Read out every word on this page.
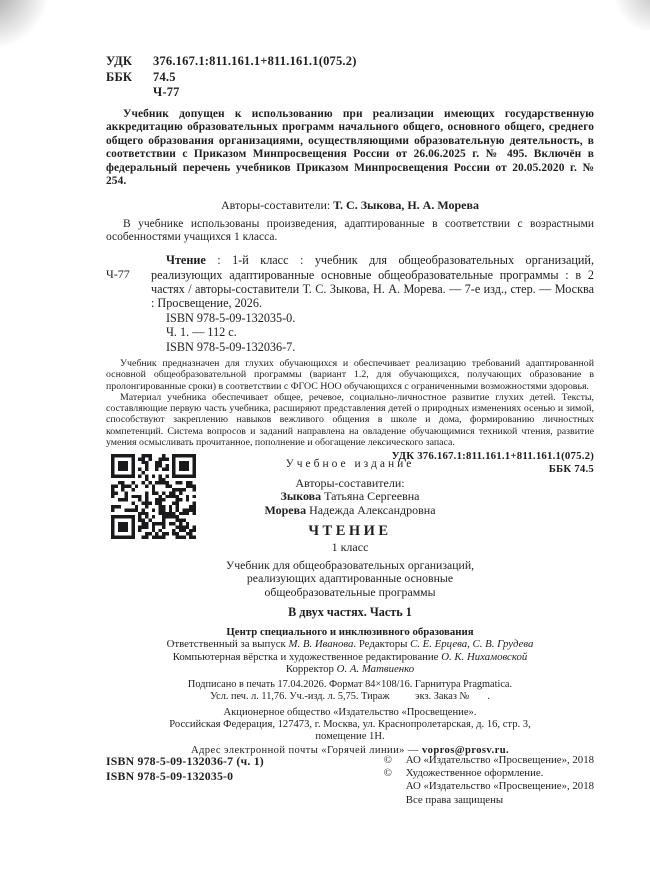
УДК 376.167.1:811.161.1+811.161.1(075.2)
ББК 74.5
Ч-77

Учебник допущен к использованию при реализации имеющих государственную аккредитацию образовательных программ начального общего, основного общего, среднего общего образования организациями, осуществляющими образовательную деятельность, в соответствии с Приказом Минпросвещения России от 26.06.2025 г. № 495. Включён в федеральный перечень учебников Приказом Минпросвещения России от 20.05.2020 г. № 254.

Авторы-составители: Т. С. Зыкова, Н. А. Морева

В учебнике использованы произведения, адаптированные в соответствии с возрастными особенностями учащихся 1 класса.

Ч-77

Чтение : 1-й класс : учебник для общеобразовательных организаций, реализующих адаптированные основные общеобразовательные программы : в 2 частях / авторы-составители Т. С. Зыкова, Н. А. Морева. — 7-е изд., стер. — Москва : Просвещение, 2026.

ISBN 978-5-09-132035-0.
Ч. 1. — 112 с.
ISBN 978-5-09-132036-7.

Учебник предназначен для глухих обучающихся и обеспечивает реализацию требований адаптированной основной общеобразовательной программы (вариант 1.2, для обучающихся, получающих образование в пролонгированные сроки) в соответствии с ФГОС НОО обучающихся с ограниченными возможностями здоровья.

Материал учебника обеспечивает общее, речевое, социально-личностное развитие глухих детей. Тексты, составляющие первую часть учебника, расширяют представления детей о природных изменениях осенью и зимой, способствуют закреплению навыков вежливого общения в школе и дома, формированию личностных компетенций. Система вопросов и заданий направлена на овладение обучающимися техникой чтения, развитие умения осмысливать прочитанное, пополнение и обогащение лексического запаса.

УДК 376.167.1:811.161.1+811.161.1(075.2)
ББК 74.5
Учебное издание
Авторы-составители:
Зыкова Татьяна Сергеевна
Морева Надежда Александровна
ЧТЕНИЕ
1 класс
Учебник для общеобразовательных организаций,
реализующих адаптированные основные
общеобразовательные программы
В двух частях. Часть 1
Центр специального и инклюзивного образования
Ответственный за выпуск М. В. Иванова. Редакторы С. Е. Ерцева, С. В. Грудева
Компьютерная вёрстка и художественное редактирование О. К. Нихамовской
Корректор О. А. Матвиенко
Подписано в печать 17.04.2026. Формат 84×108/16. Гарнитура Pragmatica.
Усл. печ. л. 11,76. Уч.-изд. л. 5,75. Тираж          экз. Заказ №       .
Акционерное общество «Издательство «Просвещение».
Российская Федерация, 127473, г. Москва, ул. Краснопролетарская, д. 16, стр. 3,
помещение 1Н.
Адрес электронной почты «Горячей линии» — vopros@prosv.ru.
ISBN 978-5-09-132036-7 (ч. 1)
ISBN 978-5-09-132035-0
©	АО «Издательство «Просвещение», 2018
©	Художественное оформление.
АО «Издательство «Просвещение», 2018
Все права защищены
